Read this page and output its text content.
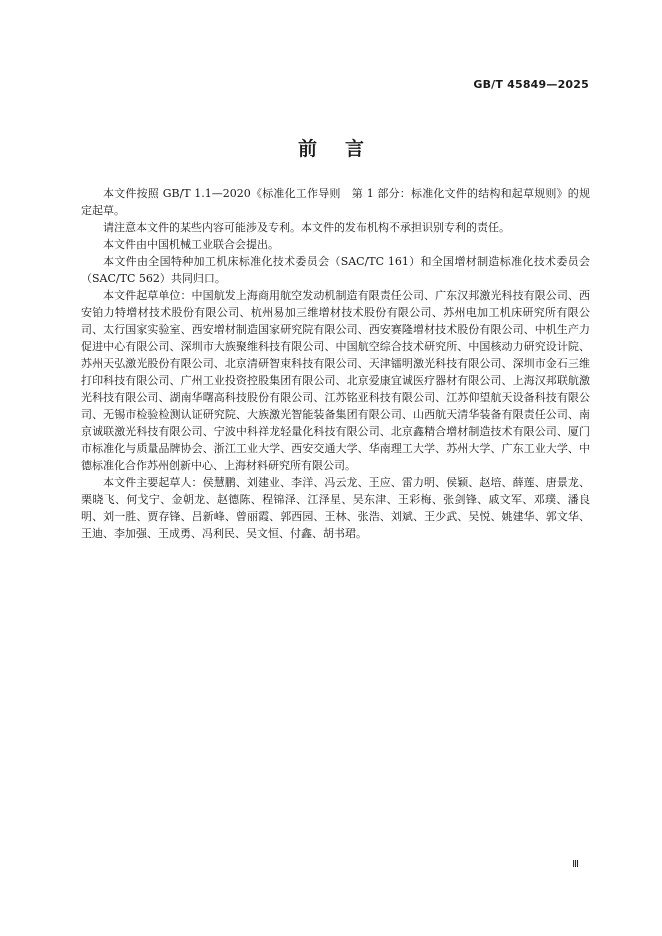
GB/T 45849—2025
前言

本文件按照 GB/T 1.1—2020《标准化工作导则　第 1 部分：标准化文件的结构和起草规则》的规定起草。

请注意本文件的某些内容可能涉及专利。本文件的发布机构不承担识别专利的责任。

本文件由中国机械工业联合会提出。

本文件由全国特种加工机床标准化技术委员会（SAC/TC 161）和全国增材制造标准化技术委员会（SAC/TC 562）共同归口。

本文件起草单位：中国航发上海商用航空发动机制造有限责任公司、广东汉邦激光科技有限公司、西安铂力特增材技术股份有限公司、杭州易加三维增材技术股份有限公司、苏州电加工机床研究所有限公司、太行国家实验室、西安增材制造国家研究院有限公司、西安赛隆增材技术股份有限公司、中机生产力促进中心有限公司、深圳市大族聚维科技有限公司、中国航空综合技术研究所、中国核动力研究设计院、苏州天弘激光股份有限公司、北京清研智束科技有限公司、天津镭明激光科技有限公司、深圳市金石三维打印科技有限公司、广州工业投资控股集团有限公司、北京爱康宜诚医疗器材有限公司、上海汉邦联航激光科技有限公司、湖南华曙高科技股份有限公司、江苏铭亚科技有限公司、江苏仰望航天设备科技有限公司、无锡市检验检测认证研究院、大族激光智能装备集团有限公司、山西航天清华装备有限责任公司、南京诚联激光科技有限公司、宁波中科祥龙轻量化科技有限公司、北京鑫精合增材制造技术有限公司、厦门市标准化与质量品牌协会、浙江工业大学、西安交通大学、华南理工大学、苏州大学、广东工业大学、中德标准化合作苏州创新中心、上海材料研究所有限公司。

本文件主要起草人：侯慧鹏、刘建业、李洋、冯云龙、王应、雷力明、侯颖、赵培、薛莲、唐景龙、栗晓飞、何戈宁、金朝龙、赵德陈、程锦泽、江泽星、吴东津、王彩梅、张剑锋、戚文军、邓璞、潘良明、刘一胜、贾存锋、吕新峰、曾丽霞、郭西园、王林、张浩、刘斌、王少武、吴悦、姚建华、郭文华、王迪、李加强、王成勇、冯利民、吴文恒、付鑫、胡书珺。

Ⅲ
